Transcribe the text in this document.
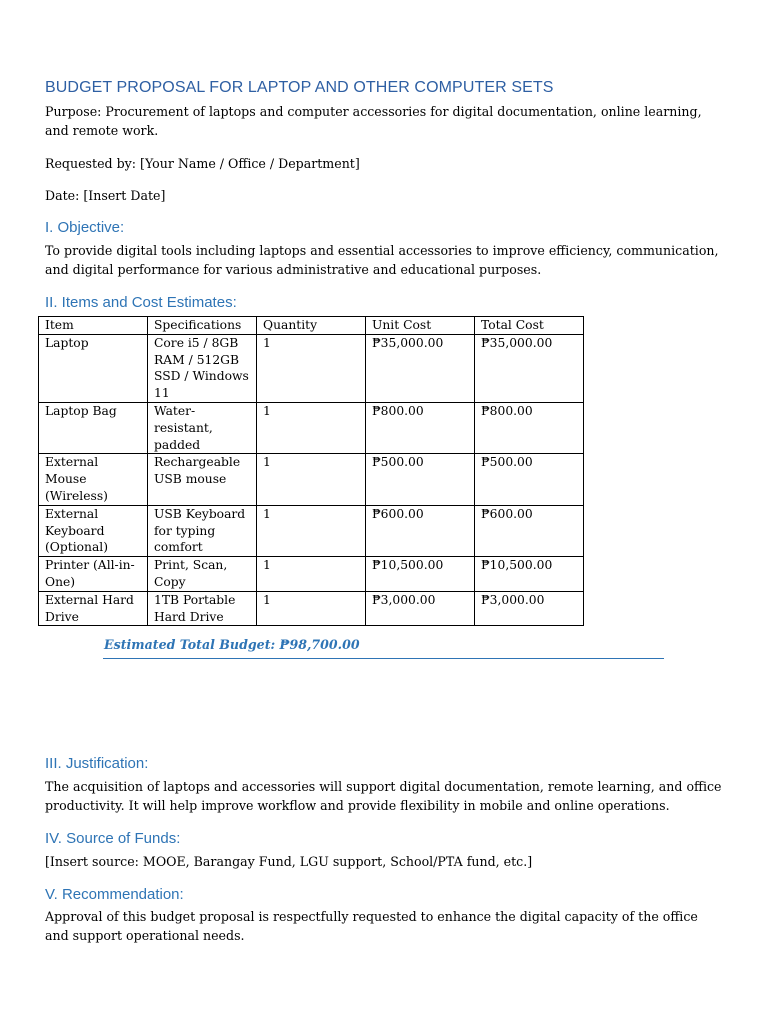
BUDGET PROPOSAL FOR LAPTOP AND OTHER COMPUTER SETS

Purpose: Procurement of laptops and computer accessories for digital documentation, online learning, and remote work.

Requested by: [Your Name / Office / Department]

Date: [Insert Date]

I. Objective:

To provide digital tools including laptops and essential accessories to improve efficiency, communication, and digital performance for various administrative and educational purposes.

II. Items and Cost Estimates:
Item	Specifications	Quantity	Unit Cost	Total Cost
Laptop	Core i5 / 8GB RAM / 512GB SSD / Windows 11	1	₱35,000.00	₱35,000.00
Laptop Bag	Water-resistant, padded	1	₱800.00	₱800.00
External Mouse (Wireless)	Rechargeable USB mouse	1	₱500.00	₱500.00
External Keyboard (Optional)	USB Keyboard for typing comfort	1	₱600.00	₱600.00
Printer (All-in-One)	Print, Scan, Copy	1	₱10,500.00	₱10,500.00
External Hard Drive	1TB Portable Hard Drive	1	₱3,000.00	₱3,000.00
Estimated Total Budget: ₱98,700.00
III. Justification:

The acquisition of laptops and accessories will support digital documentation, remote learning, and office productivity. It will help improve workflow and provide flexibility in mobile and online operations.

IV. Source of Funds:

[Insert source: MOOE, Barangay Fund, LGU support, School/PTA fund, etc.]

V. Recommendation:

Approval of this budget proposal is respectfully requested to enhance the digital capacity of the office and support operational needs.
